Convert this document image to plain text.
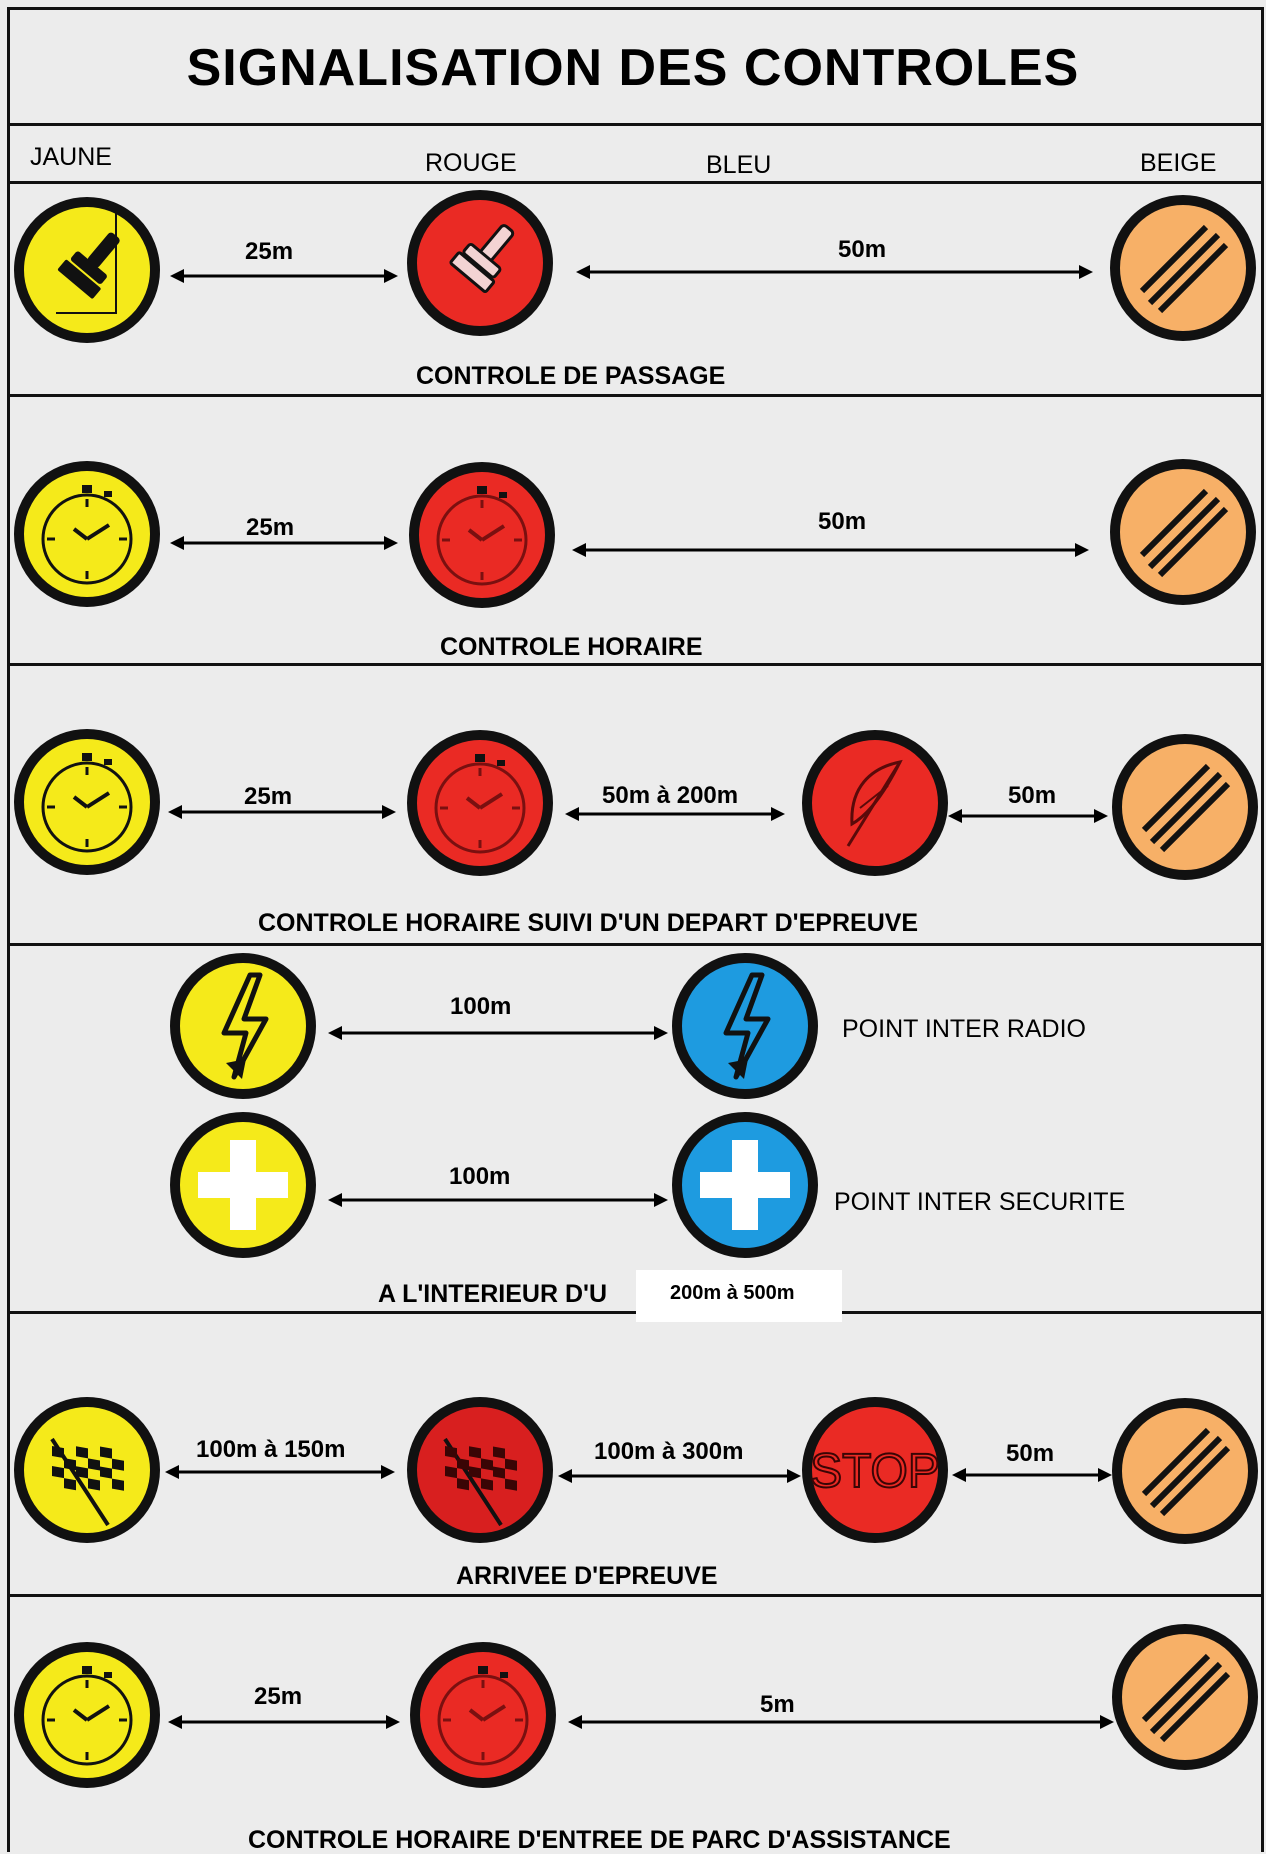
SIGNALISATION DES CONTROLES
JAUNE	ROUGE	BLEU	BEIGE
25m	50m
CONTROLE DE PASSAGE
25m	50m
CONTROLE HORAIRE
25m	50m à 200m	50m
CONTROLE HORAIRE SUIVI D'UN DEPART D'EPREUVE
100m
POINT INTER RADIO
100m
POINT INTER SECURITE
A L'INTERIEUR D'U	200m à 500m
100m à 150m	100m à 300m STOP	50m
ARRIVEE D'EPREUVE
25m	5m
CONTROLE HORAIRE D'ENTREE DE PARC D'ASSISTANCE
